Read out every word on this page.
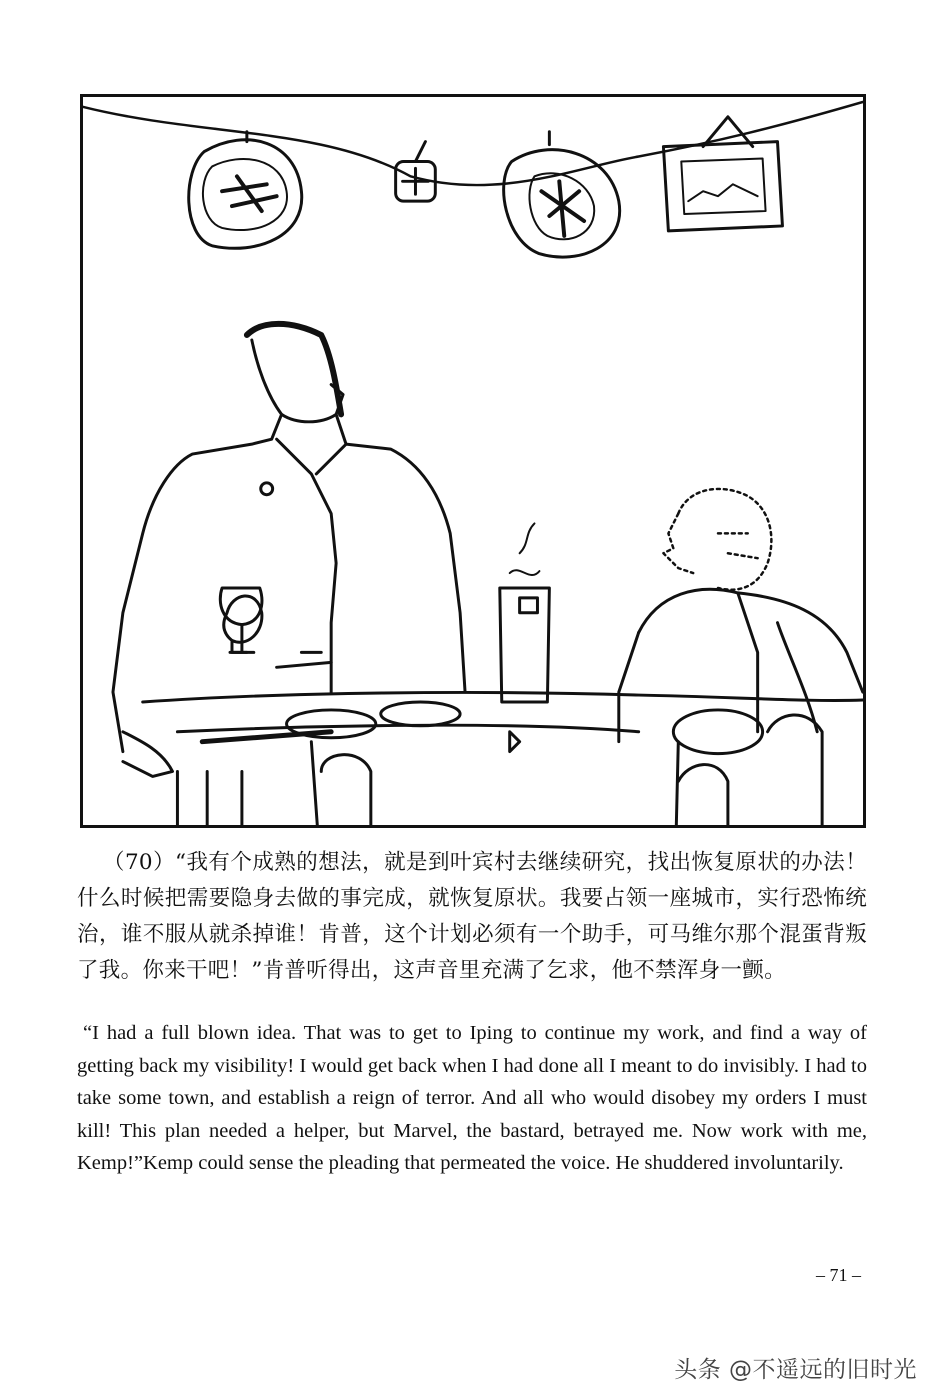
（70）“我有个成熟的想法，就是到叶宾村去继续研究，找出恢复原状的办法！什么时候把需要隐身去做的事完成，就恢复原状。我要占领一座城市，实行恐怖统治，谁不服从就杀掉谁！肯普，这个计划必须有一个助手，可马维尔那个混蛋背叛了我。你来干吧！”肯普听得出，这声音里充满了乞求，他不禁浑身一颤。
“I had a full blown idea. That was to get to Iping to continue my work, and find a way of getting back my visibility! I would get back when I had done all I meant to do invisibly. I had to take some town, and establish a reign of terror. And all who would disobey my orders I must kill! This plan needed a helper, but Marvel, the bastard, betrayed me. Now work with me, Kemp!”Kemp could sense the pleading that permeated the voice. He shuddered involuntarily.
– 71 –
头条 @不遥远的旧时光
